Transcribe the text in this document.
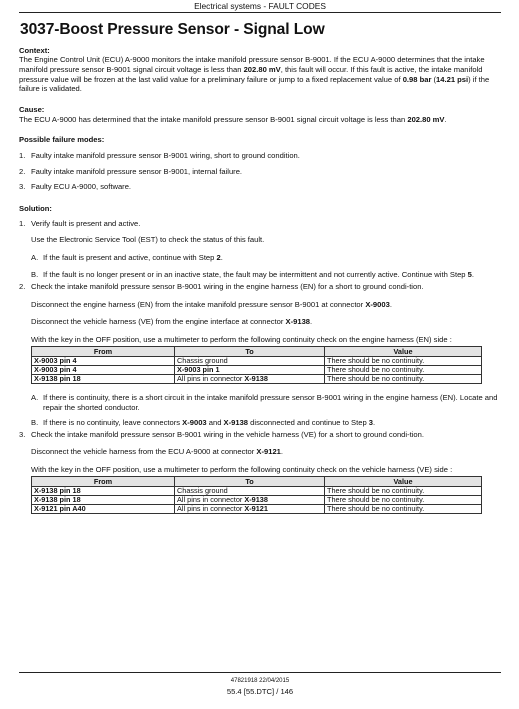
Electrical systems - FAULT CODES
3037-Boost Pressure Sensor - Signal Low
Context:

The Engine Control Unit (ECU) A-9000 monitors the intake manifold pressure sensor B-9001. If the ECU A-9000 determines that the intake manifold pressure sensor B-9001 signal circuit voltage is less than 202.80 mV, this fault will occur. If this fault is active, the intake manifold pressure value will be frozen at the last valid value for a preliminary failure or jump to a fixed replacement value of 0.98 bar (14.21 psi) if the failure is validated.

Cause:

The ECU A-9000 has determined that the intake manifold pressure sensor B-9001 signal circuit voltage is less than 202.80 mV.

Possible failure modes:
1. Faulty intake manifold pressure sensor B-9001 wiring, short to ground condition.
2. Faulty intake manifold pressure sensor B-9001, internal failure.
3. Faulty ECU A-9000, software.
Solution:
1. Verify fault is present and active.
Use the Electronic Service Tool (EST) to check the status of this fault.
A. If the fault is present and active, continue with Step 2.
B. If the fault is no longer present or in an inactive state, the fault may be intermittent and not currently active. Continue with Step 5.
2. Check the intake manifold pressure sensor B-9001 wiring in the engine harness (EN) for a short to ground condi-tion.
Disconnect the engine harness (EN) from the intake manifold pressure sensor B-9001 at connector X-9003.
Disconnect the vehicle harness (VE) from the engine interface at connector X-9138.
With the key in the OFF position, use a multimeter to perform the following continuity check on the engine harness (EN) side :
From	To	Value
X-9003 pin 4	Chassis ground	There should be no continuity.
X-9003 pin 4	X-9003 pin 1	There should be no continuity.
X-9138 pin 18	All pins in connector X-9138	There should be no continuity.
A. If there is continuity, there is a short circuit in the intake manifold pressure sensor B-9001 wiring in the engine harness (EN). Locate and repair the shorted conductor.
B. If there is no continuity, leave connectors X-9003 and X-9138 disconnected and continue to Step 3.
3. Check the intake manifold pressure sensor B-9001 wiring in the vehicle harness (VE) for a short to ground condi-tion.
Disconnect the vehicle harness from the ECU A-9000 at connector X-9121.
With the key in the OFF position, use a multimeter to perform the following continuity check on the vehicle harness (VE) side :
From	To	Value
X-9138 pin 18	Chassis ground	There should be no continuity.
X-9138 pin 18	All pins in connector X-9138	There should be no continuity.
X-9121 pin A40	All pins in connector X-9121	There should be no continuity.
47821918 22/04/2015
55.4 [55.DTC] / 146
